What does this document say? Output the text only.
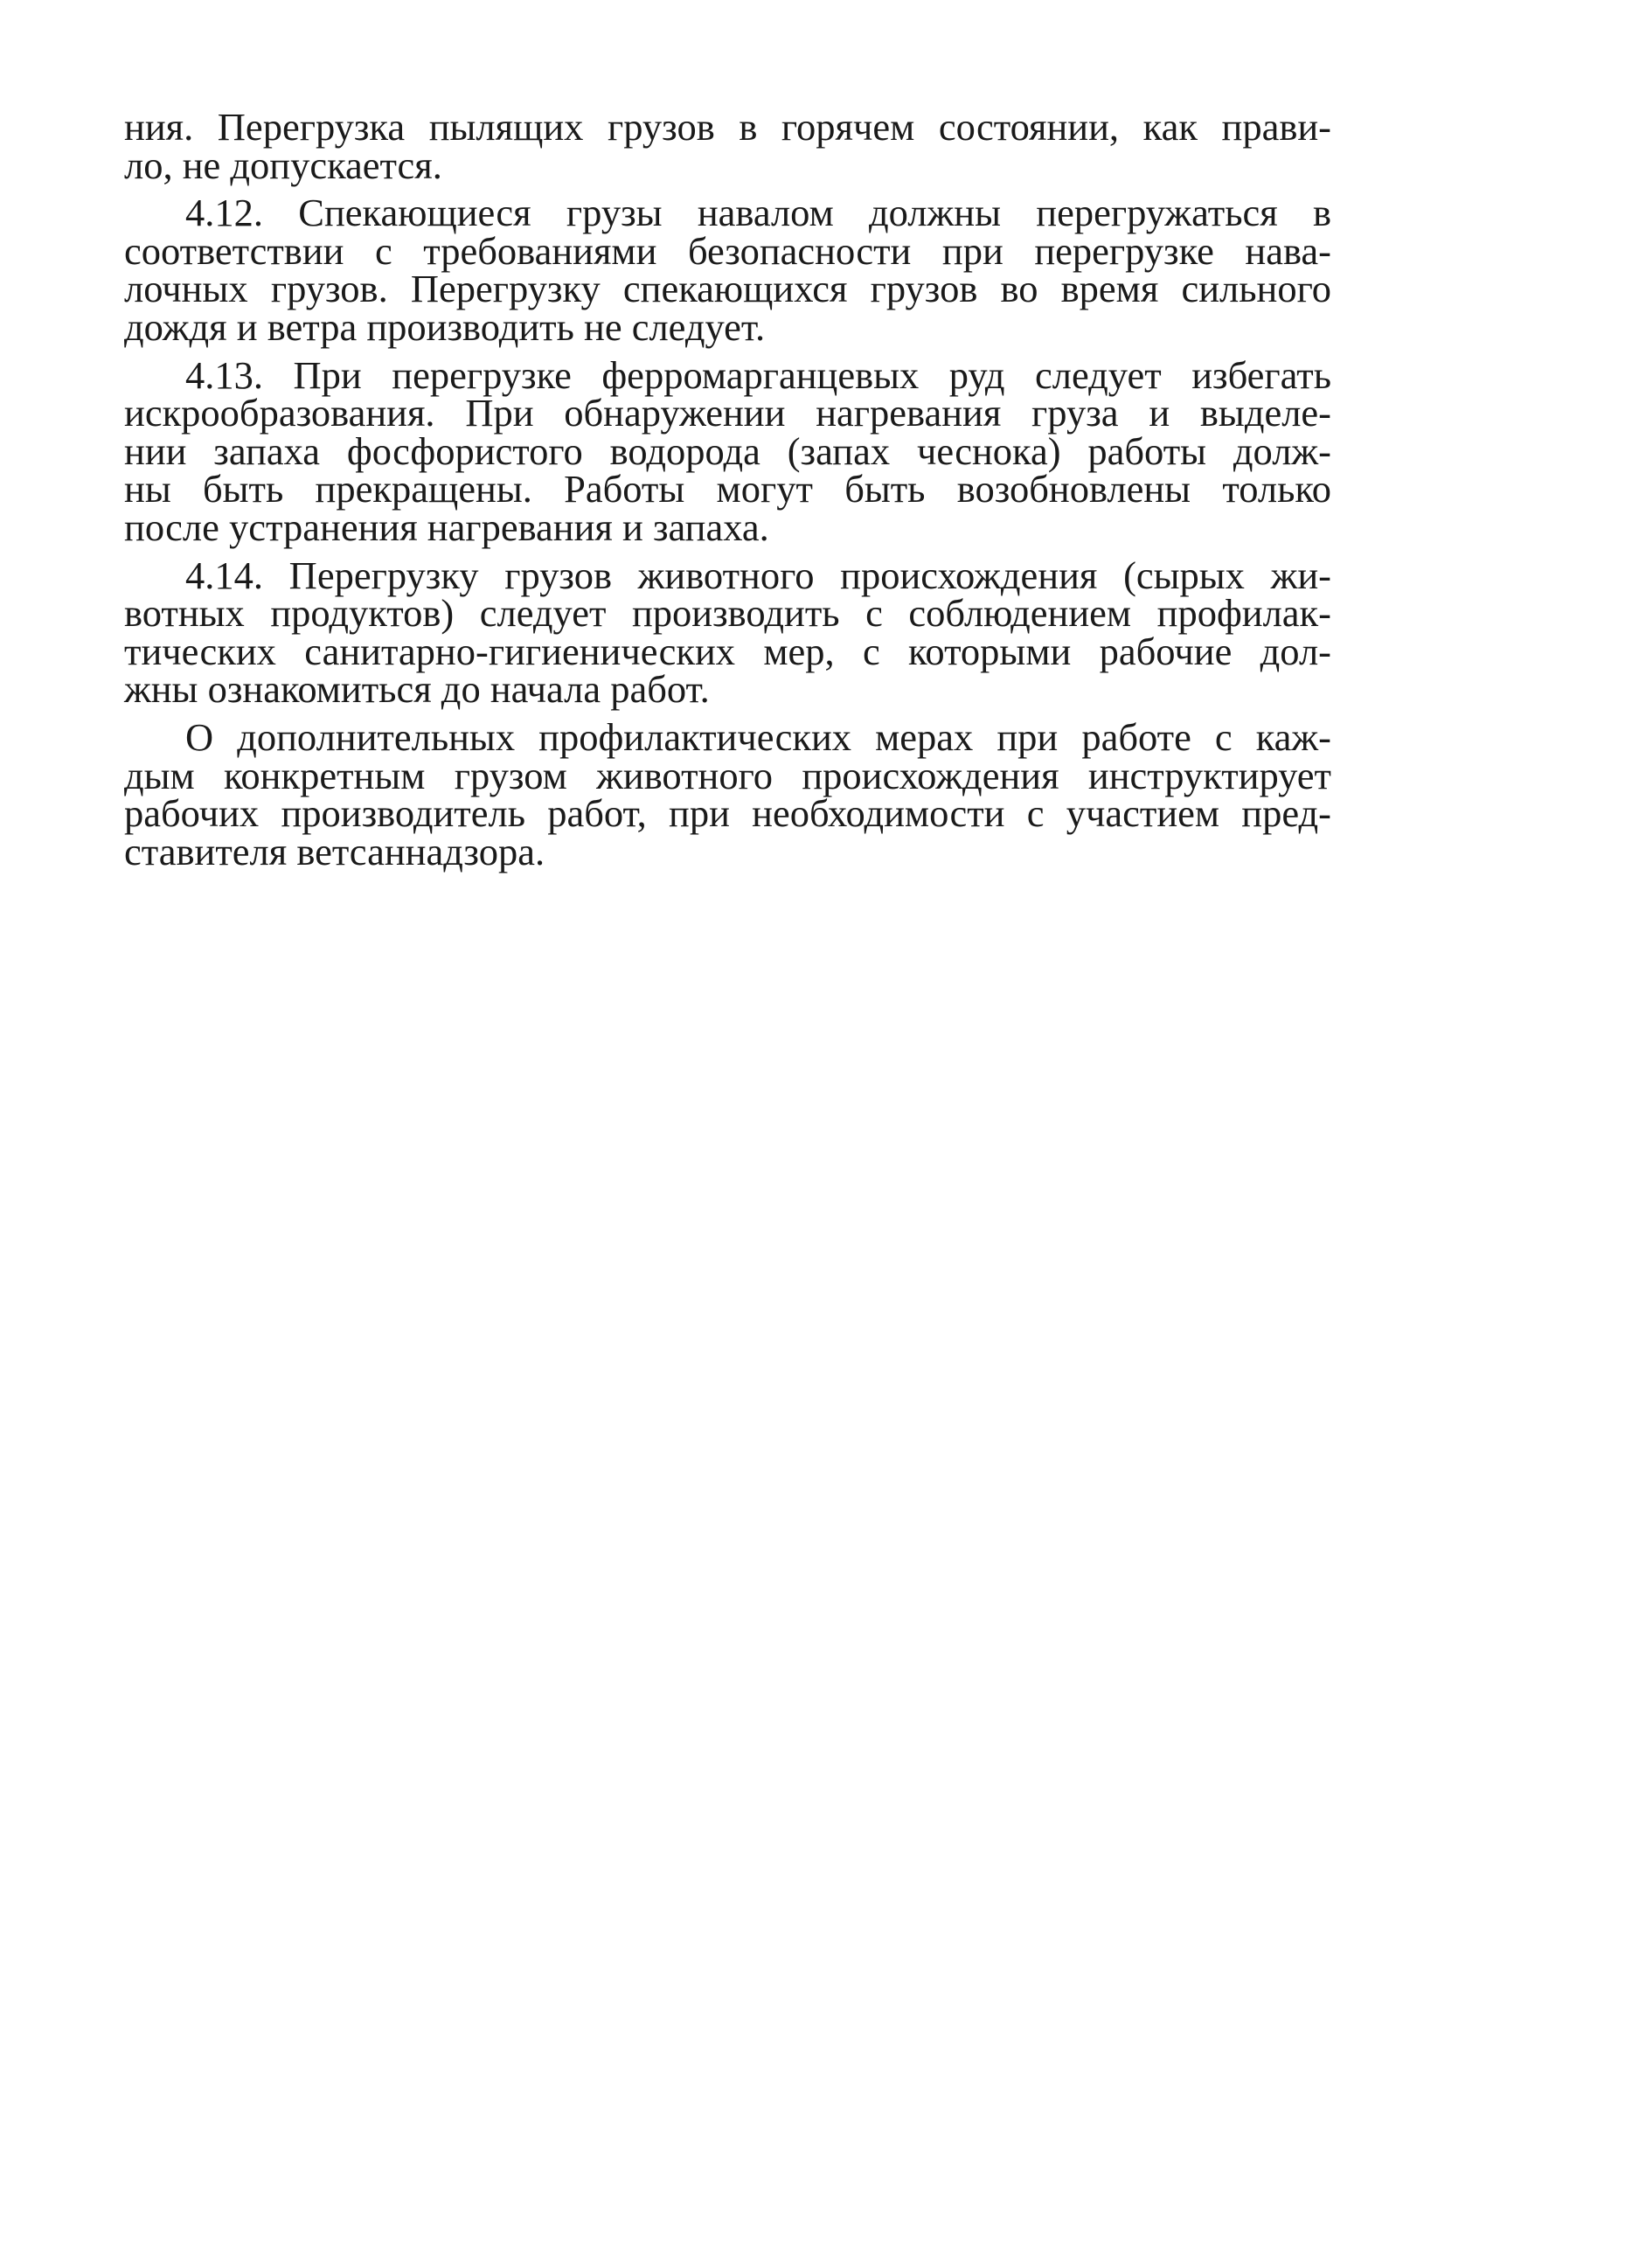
ния. Перегрузка пылящих грузов в горячем состоянии, как прави-
ло, не допускается.
4.12. Спекающиеся грузы навалом должны перегружаться в
соответствии с требованиями безопасности при перегрузке нава-
лочных грузов. Перегрузку спекающихся грузов во время сильного
дождя и ветра производить не следует.
4.13. При перегрузке ферромарганцевых руд следует избегать
искрообразования. При обнаружении нагревания груза и выделе-
нии запаха фосфористого водорода (запах чеснока) работы долж-
ны быть прекращены. Работы могут быть возобновлены только
после устранения нагревания и запаха.
4.14. Перегрузку грузов животного происхождения (сырых жи-
вотных продуктов) следует производить с соблюдением профилак-
тических санитарно-гигиенических мер, с которыми рабочие дол-
жны ознакомиться до начала работ.
О дополнительных профилактических мерах при работе с каж-
дым конкретным грузом животного происхождения инструктирует
рабочих производитель работ, при необходимости с участием пред-
ставителя ветсаннадзора.
